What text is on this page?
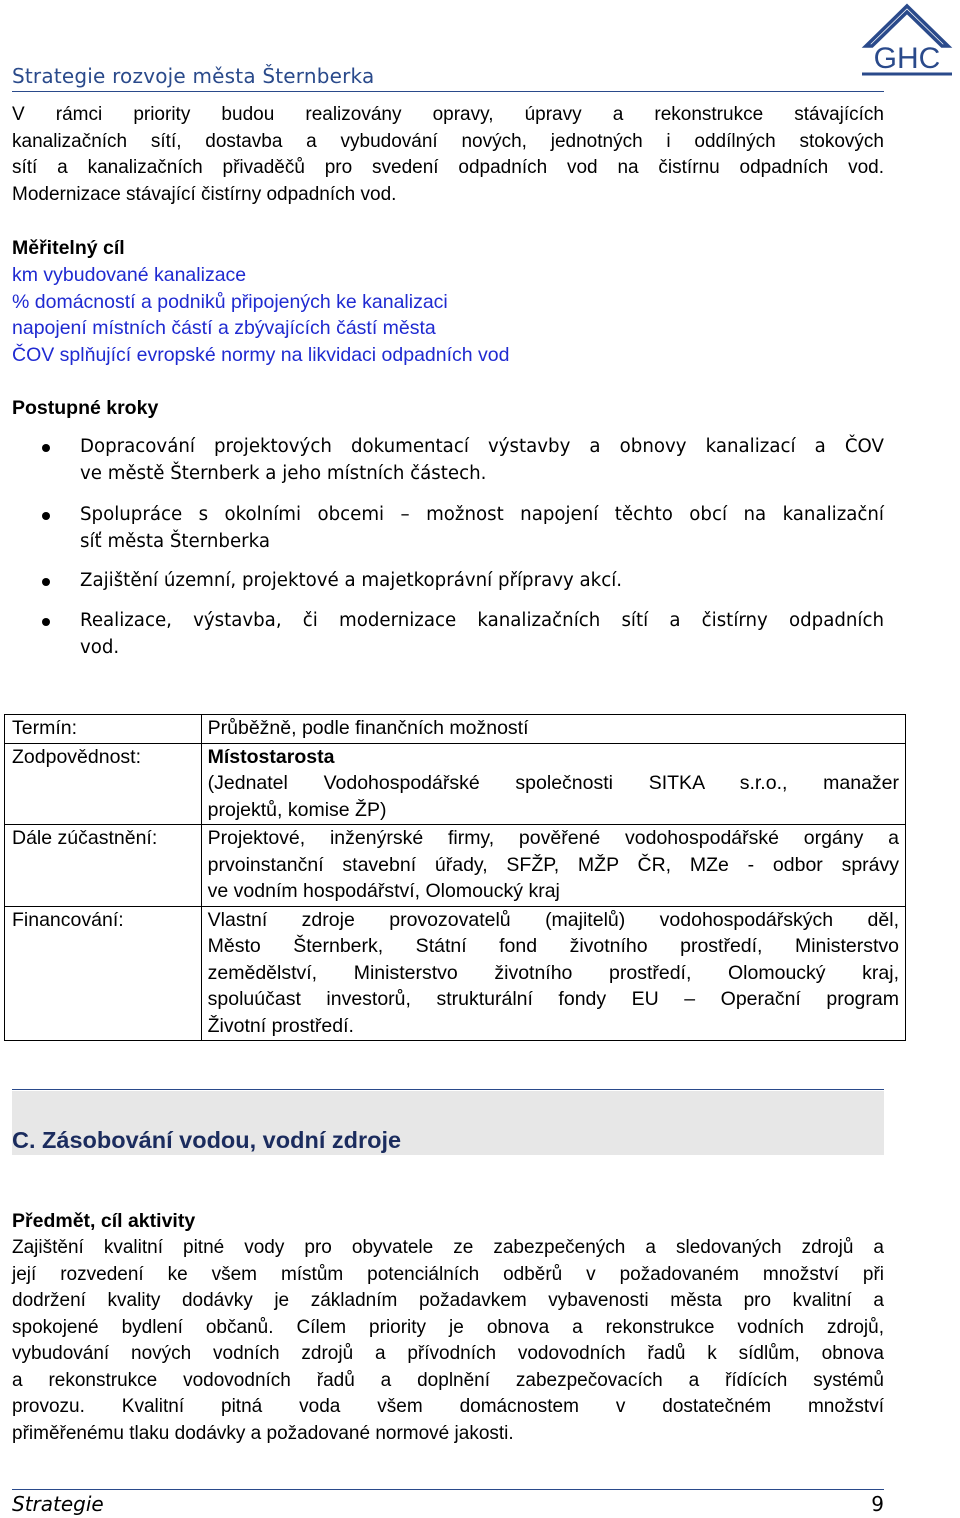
Strategie rozvoje města Šternberka
GHC
V rámci priority budou realizovány opravy, úpravy a rekonstrukce stávajících
kanalizačních sítí, dostavba a vybudování nových, jednotných i oddílných stokových
sítí a kanalizačních přivaděčů pro svedení odpadních vod na čistírnu odpadních vod.
Modernizace stávající čistírny odpadních vod.
Měřitelný cíl
km vybudované kanalizace
% domácností a podniků připojených ke kanalizaci
napojení místních částí a zbývajících částí města
ČOV splňující evropské normy na likvidaci odpadních vod
Postupné kroky
Dopracování projektových dokumentací výstavby a obnovy kanalizací a ČOV
ve městě Šternberk a jeho místních částech.
Spolupráce s okolními obcemi – možnost napojení těchto obcí na kanalizační
síť města Šternberka
Zajištění územní, projektové a majetkoprávní přípravy akcí.
Realizace, výstavba, či modernizace kanalizačních sítí a čistírny odpadních
vod.
Termín:	Průběžně, podle finančních možností

Zodpovědnost:	Místostarosta
(Jednatel Vodohospodářské společnosti SITKA s.r.o., manažer
projektů, komise ŽP)

Dále zúčastnění:	Projektové, inženýrské firmy, pověřené vodohospodářské orgány a
prvoinstanční stavební úřady, SFŽP, MŽP ČR, MZe - odbor správy
ve vodním hospodářství, Olomoucký kraj

Financování:	Vlastní zdroje provozovatelů (majitelů) vodohospodářských děl,
Město Šternberk, Státní fond životního prostředí, Ministerstvo
zemědělství, Ministerstvo životního prostředí, Olomoucký kraj,
spoluúčast investorů, strukturální fondy EU – Operační program
Životní prostředí.
C. Zásobování vodou, vodní zdroje
Předmět, cíl aktivity
Zajištění kvalitní pitné vody pro obyvatele ze zabezpečených a sledovaných zdrojů a
její rozvedení ke všem místům potenciálních odběrů v požadovaném množství při
dodržení kvality dodávky je základním požadavkem vybavenosti města pro kvalitní a
spokojené bydlení občanů. Cílem priority je obnova a rekonstrukce vodních zdrojů,
vybudování nových vodních zdrojů a přívodních vodovodních řadů k sídlům, obnova
a rekonstrukce vodovodních řadů a doplnění zabezpečovacích a řídících systémů
provozu. Kvalitní pitná voda všem domácnostem v dostatečném množství
přiměřenému tlaku dodávky a požadované normové jakosti.
Strategie	9
